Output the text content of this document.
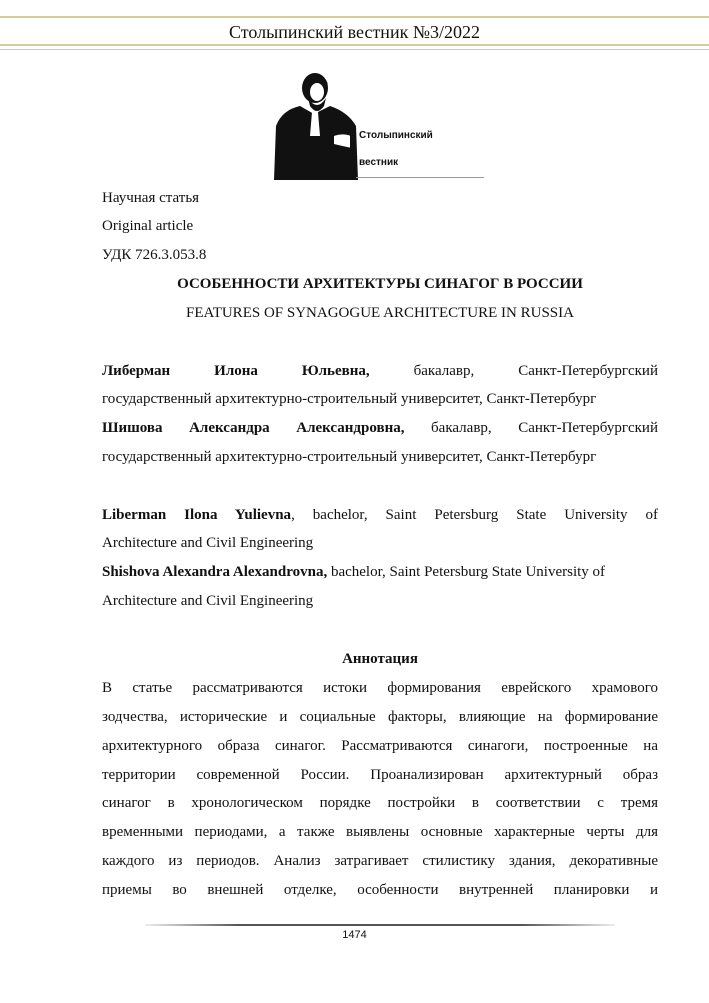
Столыпинский вестник №3/2022
Столыпинский
вестник
Научная статья
Original article
УДК 726.3.053.8
ОСОБЕННОСТИ АРХИТЕКТУРЫ СИНАГОГ В РОССИИ
FEATURES OF SYNAGOGUE ARCHITECTURE IN RUSSIA
Либерман Илона Юльевна, бакалавр, Санкт-Петербургский
государственный архитектурно-строительный университет, Санкт-Петербург
Шишова Александра Александровна, бакалавр, Санкт-Петербургский
государственный архитектурно-строительный университет, Санкт-Петербург
Liberman Ilona Yulievna, bachelor, Saint Petersburg State University of
Architecture and Civil Engineering
Shishova Alexandra Alexandrovna, bachelor, Saint Petersburg State University of
Architecture and Civil Engineering
Аннотация
В статье рассматриваются истоки формирования еврейского храмового
зодчества, исторические и социальные факторы, влияющие на формирование
архитектурного образа синагог. Рассматриваются синагоги, построенные на
территории современной России. Проанализирован архитектурный образ
синагог в хронологическом порядке постройки в соответствии с тремя
временными периодами, а также выявлены основные характерные черты для
каждого из периодов. Анализ затрагивает стилистику здания, декоративные
приемы во внешней отделке, особенности внутренней планировки и
1474
